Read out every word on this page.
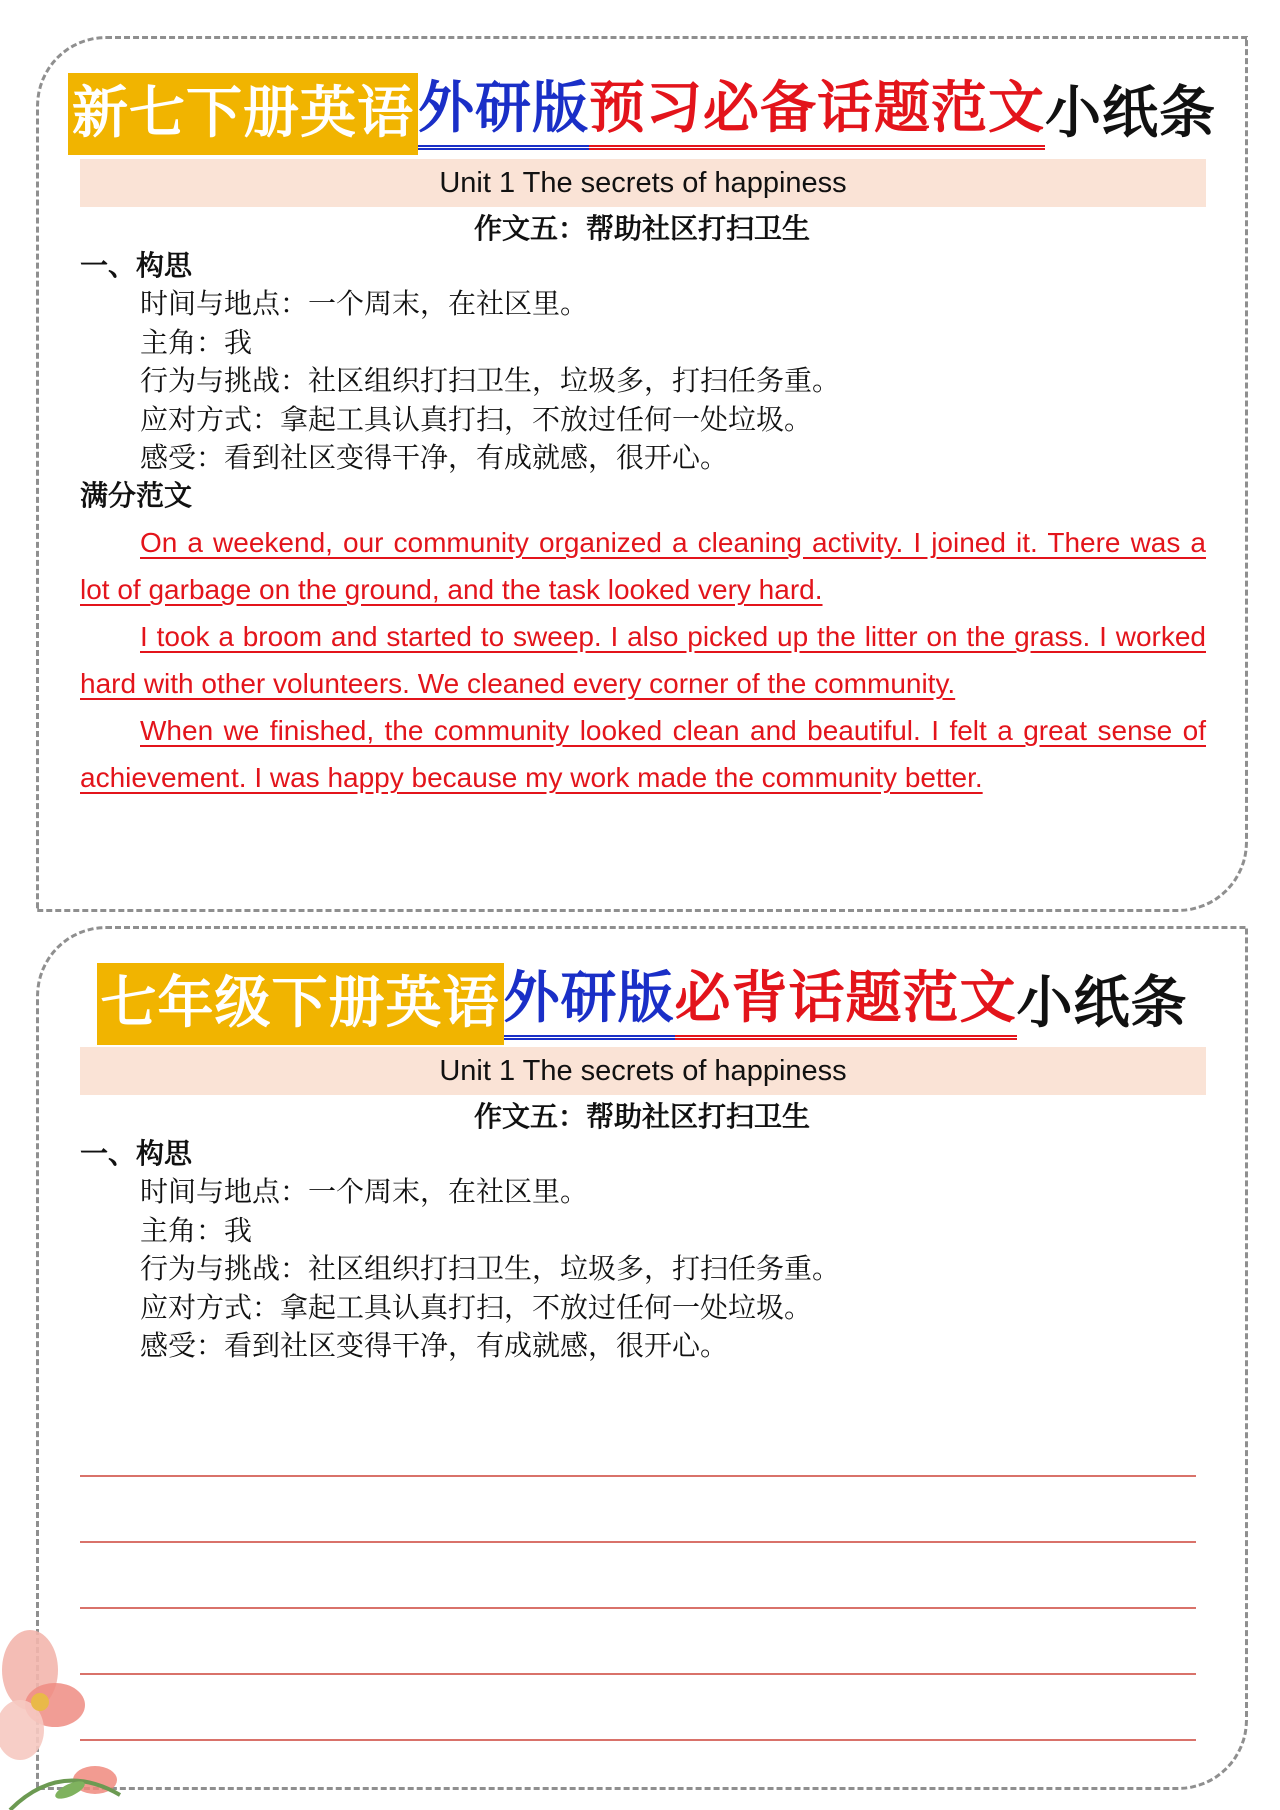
新七下册英语外研版预习必备话题范文小纸条
Unit 1 The secrets of happiness
作文五：帮助社区打扫卫生
一、构思
时间与地点：一个周末，在社区里。
主角：我
行为与挑战：社区组织打扫卫生，垃圾多，打扫任务重。
应对方式：拿起工具认真打扫，不放过任何一处垃圾。
感受：看到社区变得干净，有成就感，很开心。
满分范文

On a weekend, our community organized a cleaning activity. I joined it. There was a lot of garbage on the ground, and the task looked very hard.

I took a broom and started to sweep. I also picked up the litter on the grass. I worked hard with other volunteers. We cleaned every corner of the community.

When we finished, the community looked clean and beautiful. I felt a great sense of achievement. I was happy because my work made the community better.

七年级下册英语外研版必背话题范文小纸条
Unit 1 The secrets of happiness
作文五：帮助社区打扫卫生
一、构思
时间与地点：一个周末，在社区里。
主角：我
行为与挑战：社区组织打扫卫生，垃圾多，打扫任务重。
应对方式：拿起工具认真打扫，不放过任何一处垃圾。
感受：看到社区变得干净，有成就感，很开心。
